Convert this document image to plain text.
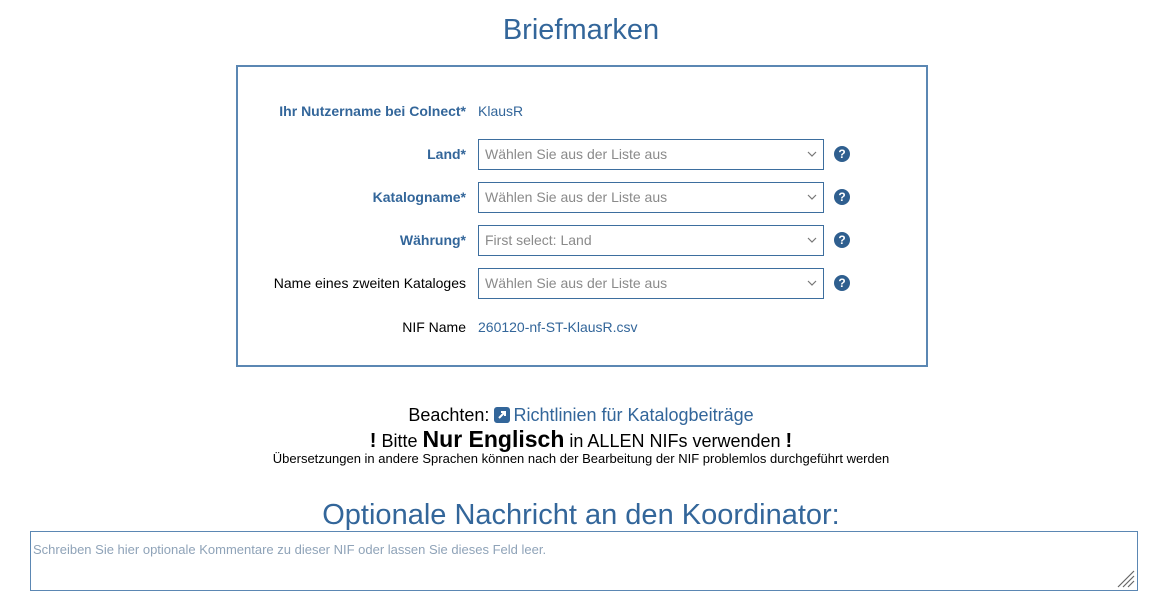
Briefmarken
Ihr Nutzername bei Colnect* KlausR
Land* Wählen Sie aus der Liste aus	?
Katalogname* Wählen Sie aus der Liste aus	?
Währung* First select: Land	?
Name eines zweiten Kataloges Wählen Sie aus der Liste aus	?
NIF Name 260120-nf-ST-KlausR.csv
Beachten: Richtlinien für Katalogbeiträge
! Bitte Nur Englisch in ALLEN NIFs verwenden !
Übersetzungen in andere Sprachen können nach der Bearbeitung der NIF problemlos durchgeführt werden
Optionale Nachricht an den Koordinator:
Schreiben Sie hier optionale Kommentare zu dieser NIF oder lassen Sie dieses Feld leer.
